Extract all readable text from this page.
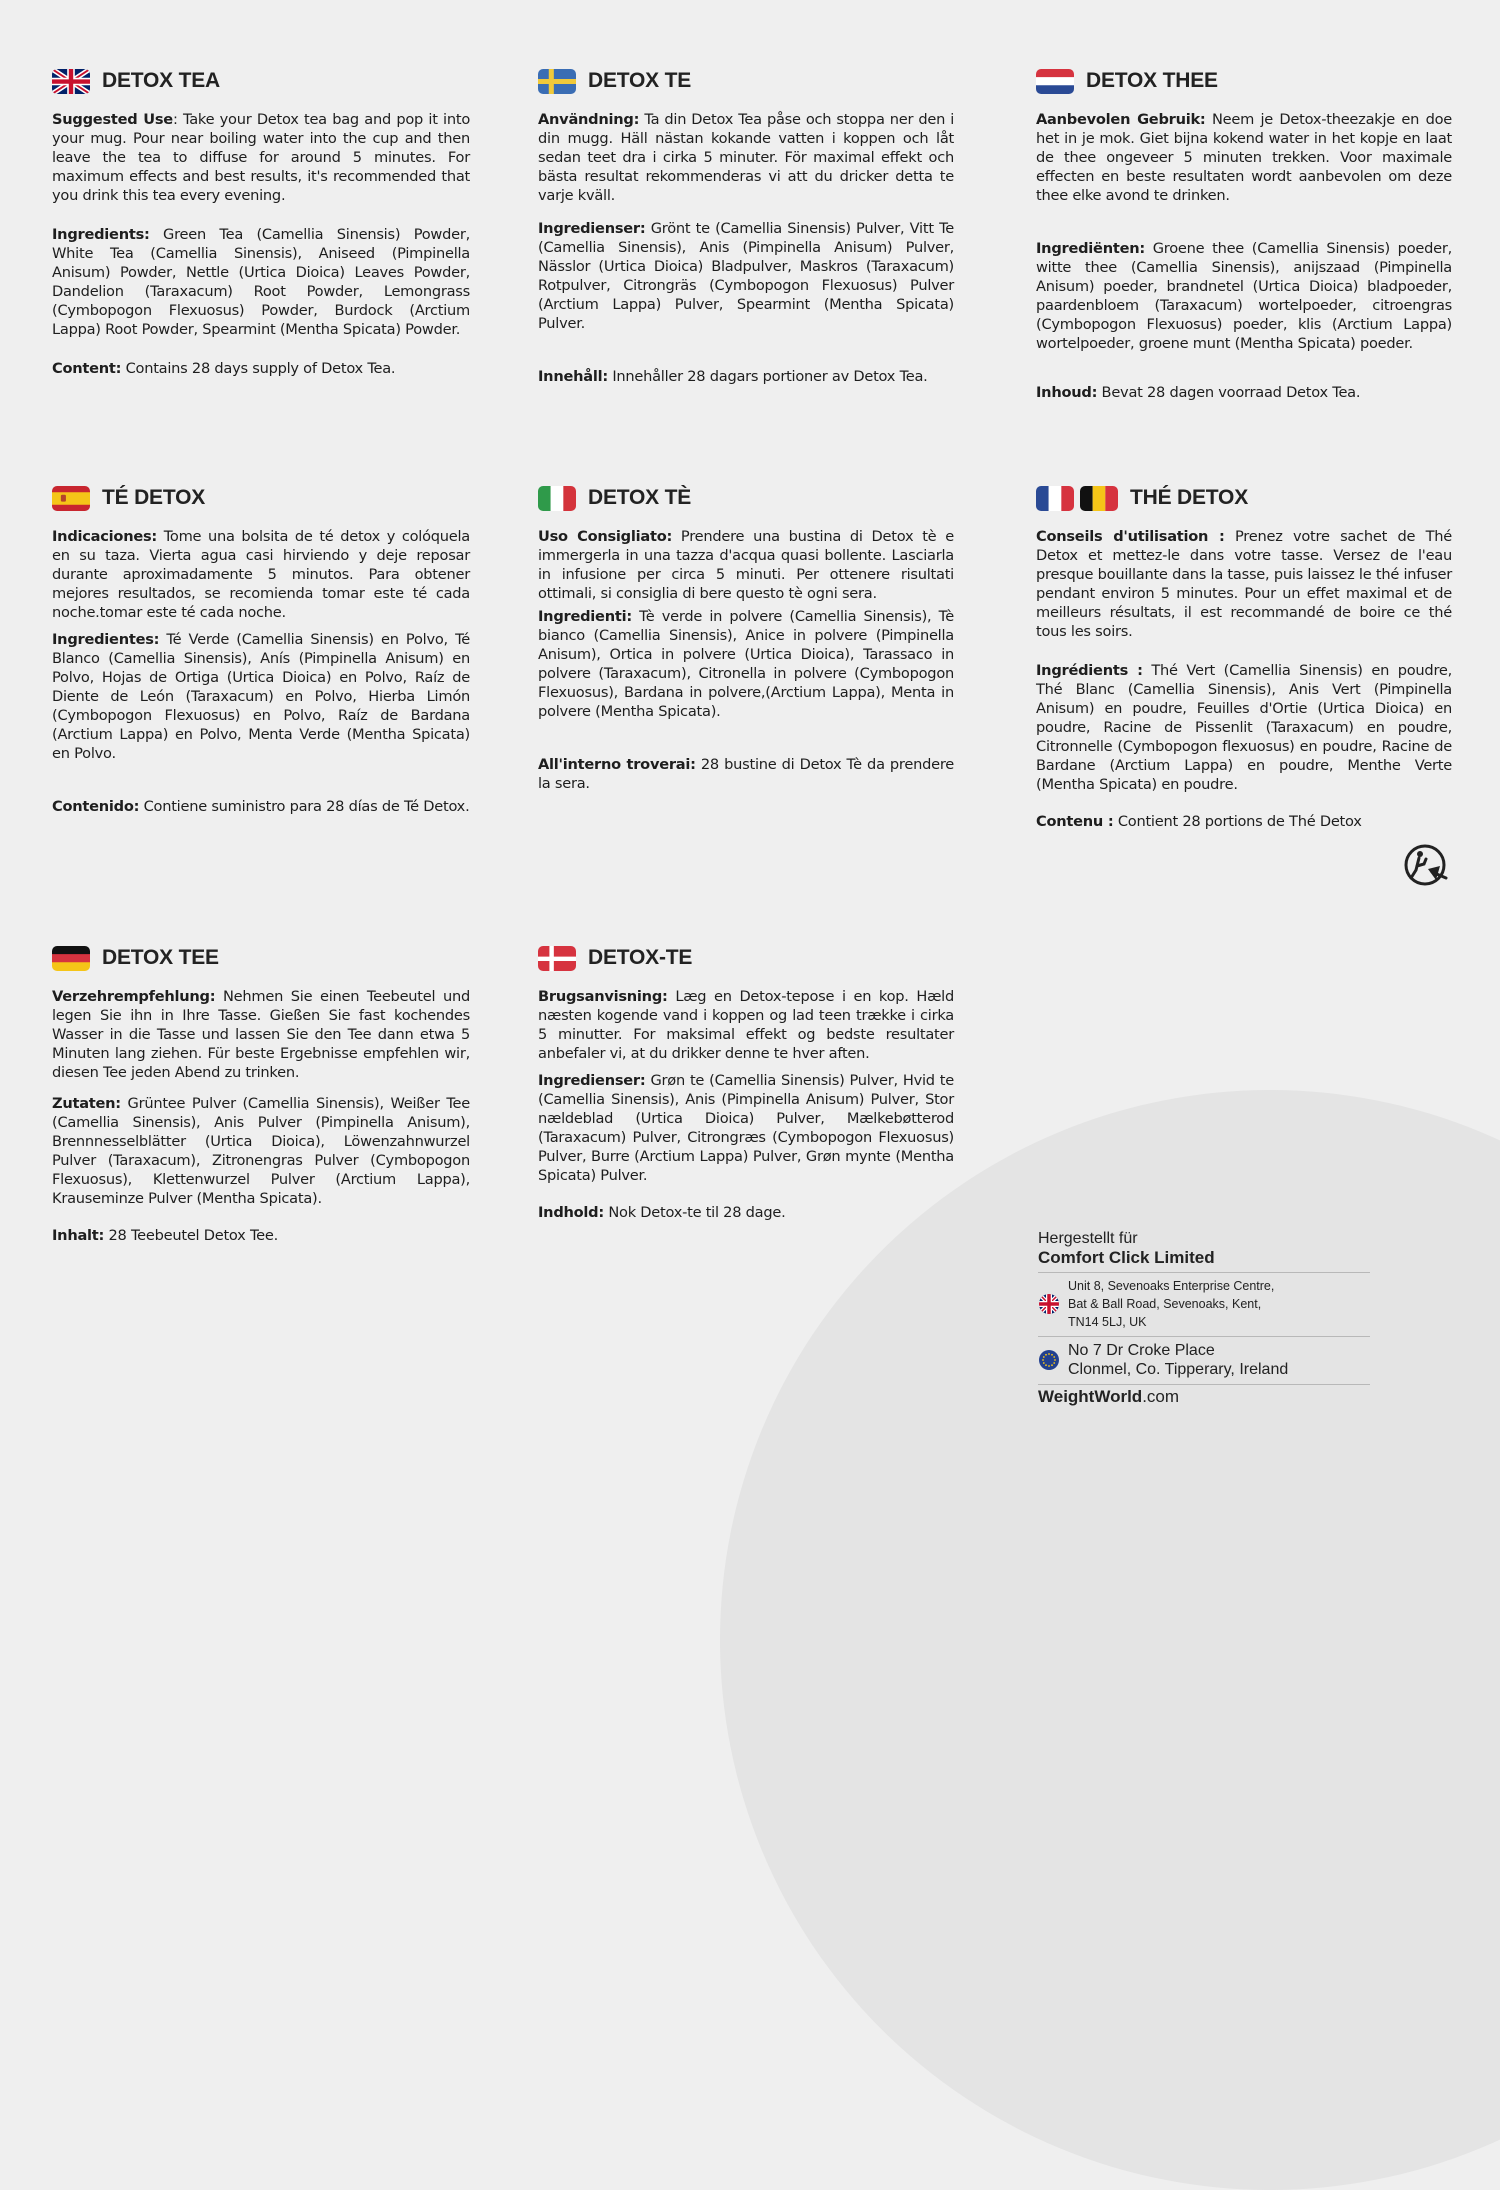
DETOX TEA

Suggested Use: Take your Detox tea bag and pop it into your mug. Pour near boiling water into the cup and then leave the tea to diffuse for around 5 minutes. For maximum effects and best results, it's recommended that you drink this tea every evening.

Ingredients: Green Tea (Camellia Sinensis) Powder, White Tea (Camellia Sinensis), Aniseed (Pimpinella Anisum) Powder, Nettle (Urtica Dioica) Leaves Powder, Dandelion (Taraxacum) Root Powder, Lemongrass (Cymbopogon Flexuosus) Powder, Burdock (Arctium Lappa) Root Powder, Spearmint (Mentha Spicata) Powder.

Content: Contains 28 days supply of Detox Tea.

DETOX TE

Användning: Ta din Detox Tea påse och stoppa ner den i din mugg. Häll nästan kokande vatten i koppen och låt sedan teet dra i cirka 5 minuter. För maximal effekt och bästa resultat rekommenderas vi att du dricker detta te varje kväll.

Ingredienser: Grönt te (Camellia Sinensis) Pulver, Vitt Te (Camellia Sinensis), Anis (Pimpinella Anisum) Pulver, Nässlor (Urtica Dioica) Bladpulver, Maskros (Taraxacum) Rotpulver, Citrongräs (Cymbopogon Flexuosus) Pulver (Arctium Lappa) Pulver, Spearmint (Mentha Spicata) Pulver.

Innehåll: Innehåller 28 dagars portioner av Detox Tea.

DETOX THEE

Aanbevolen Gebruik: Neem je Detox-theezakje en doe het in je mok. Giet bijna kokend water in het kopje en laat de thee ongeveer 5 minuten trekken. Voor maximale effecten en beste resultaten wordt aanbevolen om deze thee elke avond te drinken.

Ingrediënten: Groene thee (Camellia Sinensis) poeder, witte thee (Camellia Sinensis), anijszaad (Pimpinella Anisum) poeder, brandnetel (Urtica Dioica) bladpoeder, paardenbloem (Taraxacum) wortelpoeder, citroengras (Cymbopogon Flexuosus) poeder, klis (Arctium Lappa) wortelpoeder, groene munt (Mentha Spicata) poeder.

Inhoud: Bevat 28 dagen voorraad Detox Tea.

TÉ DETOX

Indicaciones: Tome una bolsita de té detox y colóquela en su taza. Vierta agua casi hirviendo y deje reposar durante aproximadamente 5 minutos. Para obtener mejores resultados, se recomienda tomar este té cada noche.tomar este té cada noche.

Ingredientes: Té Verde (Camellia Sinensis) en Polvo, Té Blanco (Camellia Sinensis), Anís (Pimpinella Anisum) en Polvo, Hojas de Ortiga (Urtica Dioica) en Polvo, Raíz de Diente de León (Taraxacum) en Polvo, Hierba Limón (Cymbopogon Flexuosus) en Polvo, Raíz de Bardana (Arctium Lappa) en Polvo, Menta Verde (Mentha Spicata) en Polvo.

Contenido: Contiene suministro para 28 días de Té Detox.

DETOX TÈ

Uso Consigliato: Prendere una bustina di Detox tè e immergerla in una tazza d'acqua quasi bollente. Lasciarla in infusione per circa 5 minuti. Per ottenere risultati ottimali, si consiglia di bere questo tè ogni sera.

Ingredienti: Tè verde in polvere (Camellia Sinensis), Tè bianco (Camellia Sinensis), Anice in polvere (Pimpinella Anisum), Ortica in polvere (Urtica Dioica), Tarassaco in polvere (Taraxacum), Citronella in polvere (Cymbopogon Flexuosus), Bardana in polvere,(Arctium Lappa), Menta in polvere (Mentha Spicata).

All'interno troverai: 28 bustine di Detox Tè da prendere la sera.

THÉ DETOX

Conseils d'utilisation : Prenez votre sachet de Thé Detox et mettez-le dans votre tasse. Versez de l'eau presque bouillante dans la tasse, puis laissez le thé infuser pendant environ 5 minutes. Pour un effet maximal et de meilleurs résultats, il est recommandé de boire ce thé tous les soirs.

Ingrédients : Thé Vert (Camellia Sinensis) en poudre, Thé Blanc (Camellia Sinensis), Anis Vert (Pimpinella Anisum) en poudre, Feuilles d'Ortie (Urtica Dioica) en poudre, Racine de Pissenlit (Taraxacum) en poudre, Citronnelle (Cymbopogon flexuosus) en poudre, Racine de Bardane (Arctium Lappa) en poudre, Menthe Verte (Mentha Spicata) en poudre.

Contenu : Contient 28 portions de Thé Detox

DETOX TEE

Verzehrempfehlung: Nehmen Sie einen Teebeutel und legen Sie ihn in Ihre Tasse. Gießen Sie fast kochendes Wasser in die Tasse und lassen Sie den Tee dann etwa 5 Minuten lang ziehen. Für beste Ergebnisse empfehlen wir, diesen Tee jeden Abend zu trinken.

Zutaten: Grüntee Pulver (Camellia Sinensis), Weißer Tee (Camellia Sinensis), Anis Pulver (Pimpinella Anisum), Brennnesselblätter (Urtica Dioica), Löwenzahnwurzel Pulver (Taraxacum), Zitronengras Pulver (Cymbopogon Flexuosus), Klettenwurzel Pulver (Arctium Lappa), Krauseminze Pulver (Mentha Spicata).

Inhalt: 28 Teebeutel Detox Tee.

DETOX-TE

Brugsanvisning: Læg en Detox-tepose i en kop. Hæld næsten kogende vand i koppen og lad teen trække i cirka 5 minutter. For maksimal effekt og bedste resultater anbefaler vi, at du drikker denne te hver aften.

Ingredienser: Grøn te (Camellia Sinensis) Pulver, Hvid te (Camellia Sinensis), Anis (Pimpinella Anisum) Pulver, Stor nældeblad (Urtica Dioica) Pulver, Mælkebøtterod (Taraxacum) Pulver, Citrongræs (Cymbopogon Flexuosus) Pulver, Burre (Arctium Lappa) Pulver, Grøn mynte (Mentha Spicata) Pulver.

Indhold: Nok Detox-te til 28 dage.

Hergestellt für
Comfort Click Limited
Unit 8, Sevenoaks Enterprise Centre,
Bat & Ball Road, Sevenoaks, Kent,
TN14 5LJ, UK
No 7 Dr Croke Place
Clonmel, Co. Tipperary, Ireland
WeightWorld.com
